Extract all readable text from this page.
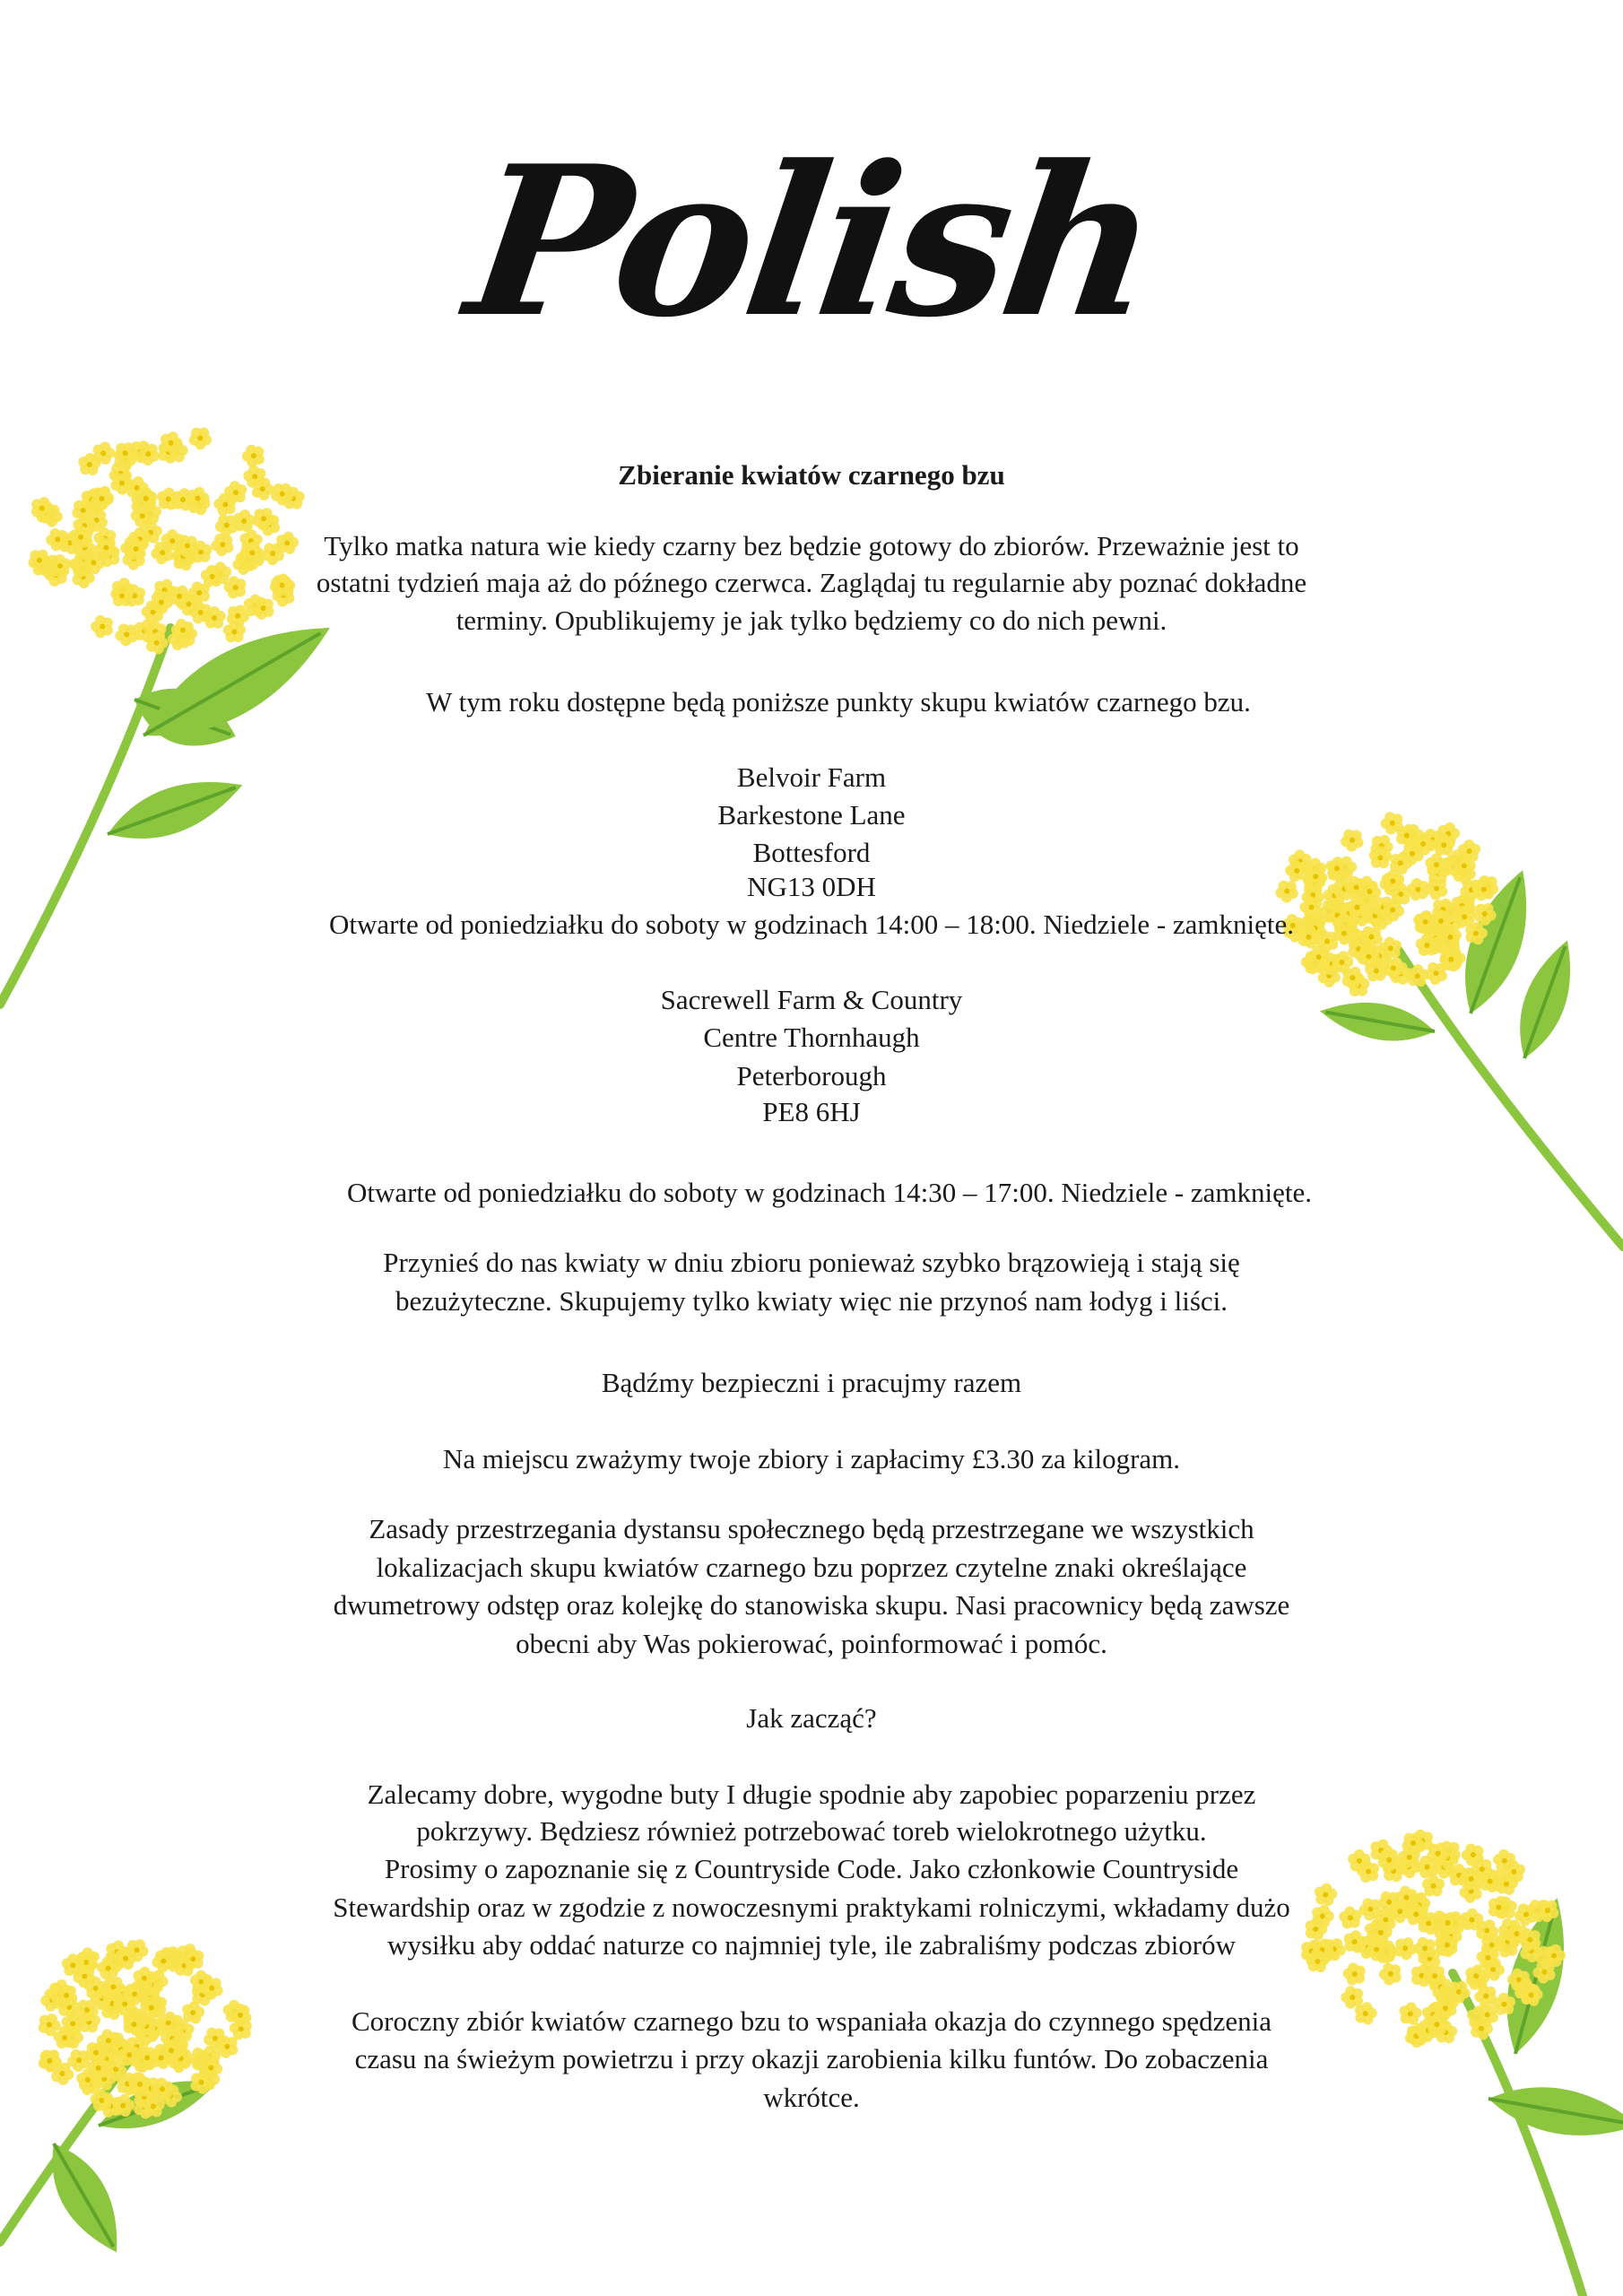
Polish
Zbieranie kwiatów czarnego bzu
Tylko matka natura wie kiedy czarny bez będzie gotowy do zbiorów. Przeważnie jest to
ostatni tydzień maja aż do późnego czerwca. Zaglądaj tu regularnie aby poznać dokładne
terminy. Opublikujemy je jak tylko będziemy co do nich pewni.
W tym roku dostępne będą poniższe punkty skupu kwiatów czarnego bzu.
Belvoir Farm
Barkestone Lane
Bottesford
NG13 0DH
Otwarte od poniedziałku do soboty w godzinach 14:00 – 18:00. Niedziele - zamknięte.
Sacrewell Farm & Country
Centre Thornhaugh
Peterborough
PE8 6HJ
Otwarte od poniedziałku do soboty w godzinach 14:30 – 17:00. Niedziele - zamknięte.
Przynieś do nas kwiaty w dniu zbioru ponieważ szybko brązowieją i stają się
bezużyteczne. Skupujemy tylko kwiaty więc nie przynoś nam łodyg i liści.
Bądźmy bezpieczni i pracujmy razem
Na miejscu zważymy twoje zbiory i zapłacimy £3.30 za kilogram.
Zasady przestrzegania dystansu społecznego będą przestrzegane we wszystkich
lokalizacjach skupu kwiatów czarnego bzu poprzez czytelne znaki określające
dwumetrowy odstęp oraz kolejkę do stanowiska skupu. Nasi pracownicy będą zawsze
obecni aby Was pokierować, poinformować i pomóc.
Jak zacząć?
Zalecamy dobre, wygodne buty I długie spodnie aby zapobiec poparzeniu przez
pokrzywy. Będziesz również potrzebować toreb wielokrotnego użytku.
Prosimy o zapoznanie się z Countryside Code. Jako członkowie Countryside
Stewardship oraz w zgodzie z nowoczesnymi praktykami rolniczymi, wkładamy dużo
wysiłku aby oddać naturze co najmniej tyle, ile zabraliśmy podczas zbiorów
Coroczny zbiór kwiatów czarnego bzu to wspaniała okazja do czynnego spędzenia
czasu na świeżym powietrzu i przy okazji zarobienia kilku funtów. Do zobaczenia
wkrótce.
